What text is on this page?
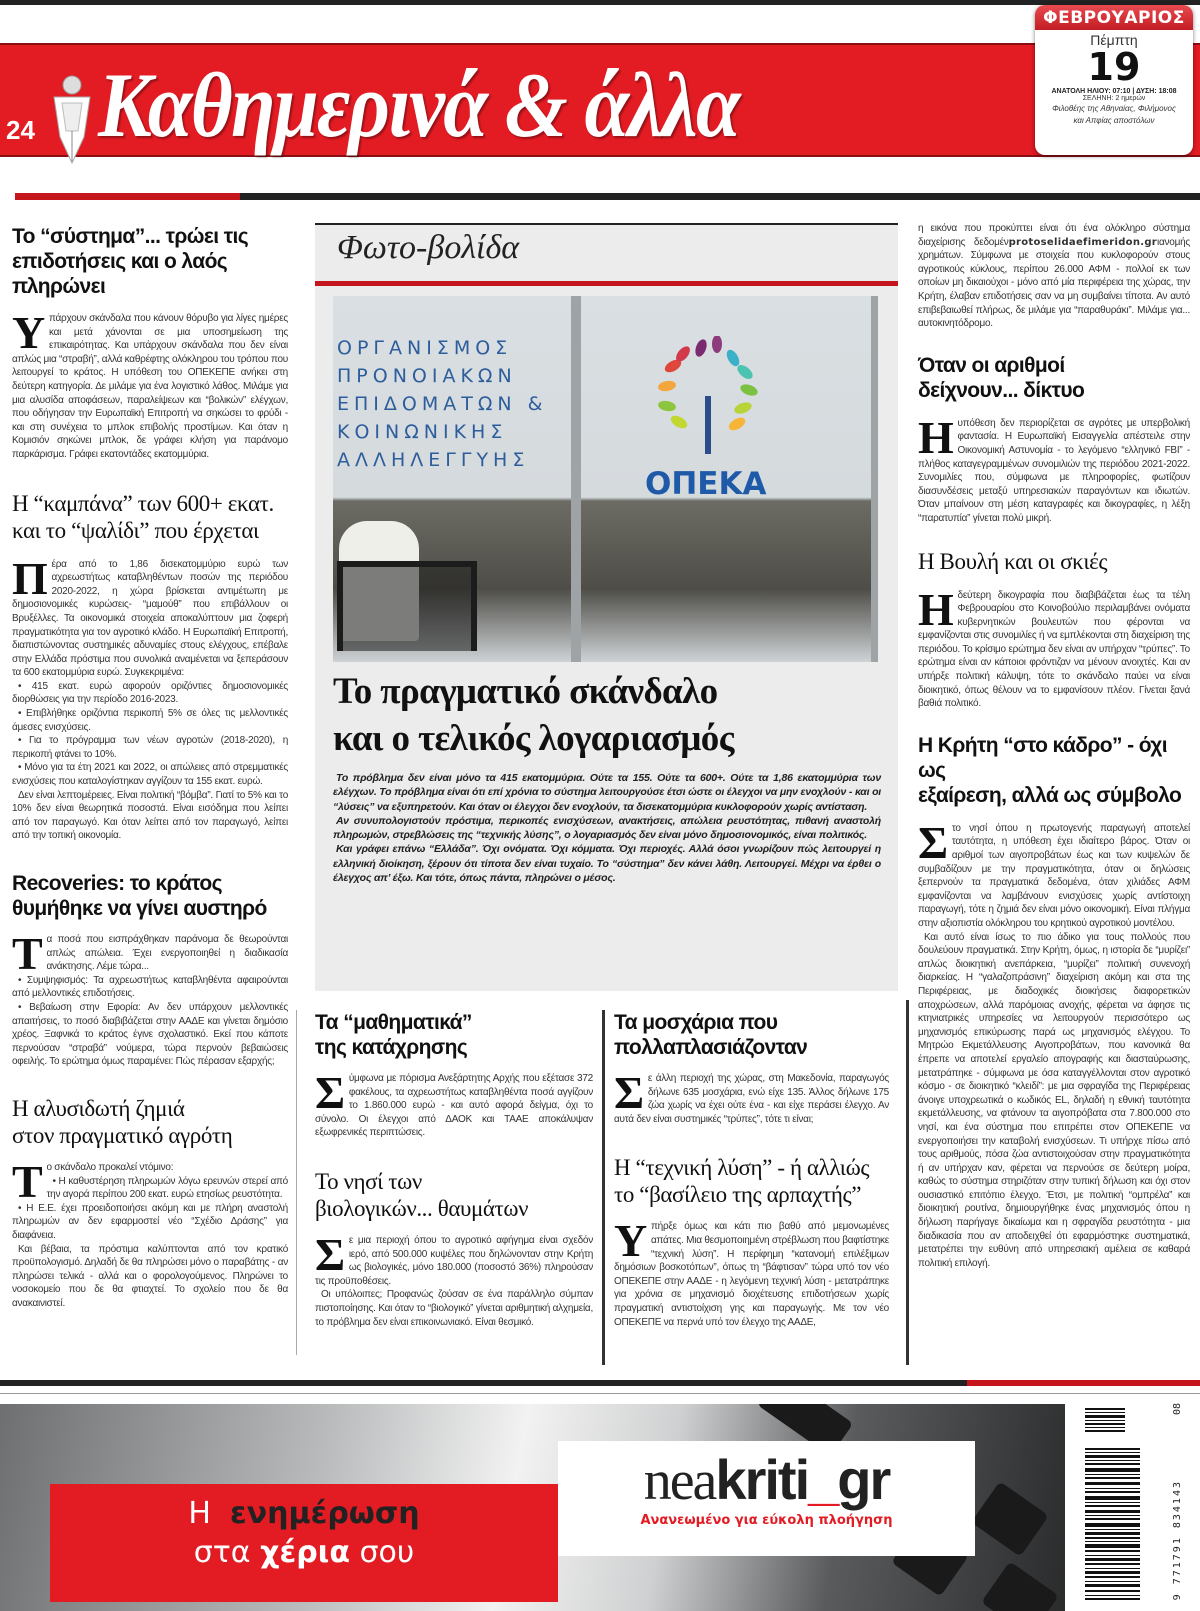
24 Καθημερινά & άλλα
ΦΕΒΡΟΥΑΡΙΟΣ
Πέμπτη
19
ΑΝΑΤΟΛΗ ΗΛΙΟΥ: 07:10 | ΔΥΣΗ: 18:08
ΣΕΛΗΝΗ: 2 ημερών
Φιλοθέης της Αθηναίας, Φιλήμονος
και Απφίας αποστόλων
Το “σύστημα”... τρώει τις
επιδοτήσεις και ο λαός πληρώνει
Υ πάρχουν σκάνδαλα που κάνουν θόρυβο για λίγες ημέρες και μετά χάνονται σε μια υποσημείωση της επικαιρότητας. Και υπάρχουν σκάνδαλα που δεν είναι απλώς μια “στραβή”, αλλά καθρέφτης ολόκληρου του τρόπου που λειτουργεί το κράτος. Η υπόθεση του ΟΠΕΚΕΠΕ ανήκει στη δεύτερη κατηγορία. Δε μιλάμε για ένα λογιστικό λάθος. Μιλάμε για μια αλυσίδα αποφάσεων, παραλείψεων και “βολικών” ελέγχων, που οδήγησαν την Ευρωπαϊκή Επιτροπή να σηκώσει το φρύδι - και στη συνέχεια το μπλοκ επιβολής προστίμων. Και όταν η Κομισιόν σηκώνει μπλοκ, δε γράφει κλήση για παράνομο παρκάρισμα. Γράφει εκατοντάδες εκατομμύρια.

Η “καμπάνα” των 600+ εκατ.
και το “ψαλίδι” που έρχεται
Π έρα από το 1,86 δισεκατομμύριο ευρώ των αχρεωστήτως καταβληθέντων ποσών της περιόδου 2020-2022, η χώρα βρίσκεται αντιμέτωπη με δημοσιονομικές κυρώσεις- “μαμούθ” που επιβάλλουν οι Βρυξέλλες. Τα οικονομικά στοιχεία αποκαλύπτουν μια ζοφερή πραγματικότητα για τον αγροτικό κλάδο. Η Ευρωπαϊκή Επιτροπή, διαπιστώνοντας συστημικές αδυναμίες στους ελέγχους, επέβαλε στην Ελλάδα πρόστιμα που συνολικά αναμένεται να ξεπεράσουν τα 600 εκατομμύρια ευρώ. Συγκεκριμένα:

• 415 εκατ. ευρώ αφορούν οριζόντιες δημοσιονομικές διορθώσεις για την περίοδο 2016-2023.

• Επιβλήθηκε οριζόντια περικοπή 5% σε όλες τις μελλοντικές άμεσες ενισχύσεις.

• Για το πρόγραμμα των νέων αγροτών (2018-2020), η περικοπή φτάνει το 10%.

• Μόνο για τα έτη 2021 και 2022, οι απώλειες από στρεμματικές ενισχύσεις που καταλογίστηκαν αγγίζουν τα 155 εκατ. ευρώ.

Δεν είναι λεπτομέρειες. Είναι πολιτική “βόμβα”. Γιατί το 5% και το 10% δεν είναι θεωρητικά ποσοστά. Είναι εισόδημα που λείπει από τον παραγωγό. Και όταν λείπει από τον παραγωγό, λείπει από την τοπική οικονομία.

Recoveries: το κράτος
θυμήθηκε να γίνει αυστηρό
Τ α ποσά που εισπράχθηκαν παράνομα δε θεωρούνται απλώς απώλεια. Έχει ενεργοποιηθεί η διαδικασία ανάκτησης. Λέμε τώρα...

• Συμψηφισμός: Τα αχρεωστήτως καταβληθέντα αφαιρούνται από μελλοντικές επιδοτήσεις.

• Βεβαίωση στην Εφορία: Αν δεν υπάρχουν μελλοντικές απαιτήσεις, το ποσό διαβιβάζεται στην ΑΑΔΕ και γίνεται δημόσιο χρέος. Ξαφνικά το κράτος έγινε σχολαστικό. Εκεί που κάποτε περνούσαν “στραβά” νούμερα, τώρα περνούν βεβαιώσεις οφειλής. Το ερώτημα όμως παραμένει: Πώς πέρασαν εξαρχής;

Η αλυσιδωτή ζημιά
στον πραγματικό αγρότη
Τ ο σκάνδαλο προκαλεί ντόμινο:

• Η καθυστέρηση πληρωμών λόγω ερευνών στερεί από την αγορά περίπου 200 εκατ. ευρώ ετησίως ρευστότητα.

• Η Ε.Ε. έχει προειδοποιήσει ακόμη και με πλήρη αναστολή πληρωμών αν δεν εφαρμοστεί νέο “Σχέδιο Δράσης” για διαφάνεια.

Και βέβαια, τα πρόστιμα καλύπτονται από τον κρατικό προϋπολογισμό. Δηλαδή δε θα πληρώσει μόνο ο παραβάτης - αν πληρώσει τελικά - αλλά και ο φορολογούμενος. Πληρώνει το νοσοκομείο που δε θα φτιαχτεί. Το σχολείο που δε θα ανακαινιστεί.

Φωτο-βολίδα
ΟΡΓΑΝΙΣΜΟΣ
ΠΡΟΝΟΙΑΚΩΝ
ΕΠΙΔΟΜΑΤΩΝ &
ΚΟΙΝΩΝΙΚΗΣ
ΑΛΛΗΛΕΓΓΥΗΣ
ΟΠΕΚΑ
Το πραγματικό σκάνδαλο
και ο τελικός λογαριασμός

Το πρόβλημα δεν είναι μόνο τα 415 εκατομμύρια. Ούτε τα 155. Ούτε τα 600+. Ούτε τα 1,86 εκατομμύρια των ελέγχων. Το πρόβλημα είναι ότι επί χρόνια το σύστημα λειτουργούσε έτσι ώστε οι έλεγχοι να μην ενοχλούν - και οι “λύσεις” να εξυπηρετούν. Και όταν οι έλεγχοι δεν ενοχλούν, τα δισεκατομμύρια κυκλοφορούν χωρίς αντίσταση.

Αν συνυπολογιστούν πρόστιμα, περικοπές ενισχύσεων, ανακτήσεις, απώλεια ρευστότητας, πιθανή αναστολή πληρωμών, στρεβλώσεις της “τεχνικής λύσης”, ο λογαριασμός δεν είναι μόνο δημοσιονομικός, είναι πολιτικός.

Και γράφει επάνω “Ελλάδα”. Όχι ονόματα. Όχι κόμματα. Όχι περιοχές. Αλλά όσοι γνωρίζουν πώς λειτουργεί η ελληνική διοίκηση, ξέρουν ότι τίποτα δεν είναι τυχαίο. Το “σύστημα” δεν κάνει λάθη. Λειτουργεί. Μέχρι να έρθει ο έλεγχος απ’ έξω. Και τότε, όπως πάντα, πληρώνει ο μέσος.

Τα “μαθηματικά”
της κατάχρησης
Σ ύμφωνα με πόρισμα Ανεξάρτητης Αρχής που εξέτασε 372 φακέλους, τα αχρεωστήτως καταβληθέντα ποσά αγγίζουν το 1.860.000 ευρώ - και αυτό αφορά δείγμα, όχι το σύνολο. Οι έλεγχοι από ΔΑΟΚ και ΤΑΑΕ αποκάλυψαν εξωφρενικές περιπτώσεις.

Το νησί των
βιολογικών... θαυμάτων
Σ ε μια περιοχή όπου το αγροτικό αφήγημα είναι σχεδόν ιερό, από 500.000 κυψέλες που δηλώνονταν στην Κρήτη ως βιολογικές, μόνο 180.000 (ποσοστό 36%) πληρούσαν τις προϋποθέσεις.

Οι υπόλοιπες; Προφανώς ζούσαν σε ένα παράλληλο σύμπαν πιστοποίησης. Και όταν το “βιολογικό” γίνεται αριθμητική αλχημεία, το πρόβλημα δεν είναι επικοινωνιακό. Είναι θεσμικό.

Τα μοσχάρια που
πολλαπλασιάζονταν
Σ ε άλλη περιοχή της χώρας, στη Μακεδονία, παραγωγός δήλωνε 635 μοσχάρια, ενώ είχε 135. Άλλος δήλωνε 175 ζώα χωρίς να έχει ούτε ένα - και είχε περάσει έλεγχο. Αν αυτά δεν είναι συστημικές “τρύπες”, τότε τι είναι;

Η “τεχνική λύση” - ή αλλιώς
το “βασίλειο της αρπαχτής”
Υ πήρξε όμως και κάτι πιο βαθύ από μεμονωμένες απάτες. Μια θεσμοποιημένη στρέβλωση που βαφτίστηκε “τεχνική λύση”. Η περίφημη “κατανομή επιλέξιμων δημόσιων βοσκοτόπων”, όπως τη “βάφτισαν” τώρα υπό τον νέο ΟΠΕΚΕΠΕ στην ΑΑΔΕ - η λεγόμενη τεχνική λύση - μετατράπηκε για χρόνια σε μηχανισμό διοχέτευσης επιδοτήσεων χωρίς πραγματική αντιστοίχιση γης και παραγωγής. Με τον νέο ΟΠΕΚΕΠΕ να περνά υπό τον έλεγχο της ΑΑΔΕ,

η εικόνα που προκύπτει είναι ότι ένα ολόκληρο σύστημα διαχείρισης δεδομένprotoselidaefimeridon.grιανομής χρημάτων. Σύμφωνα με στοιχεία που κυκλοφορούν στους αγροτικούς κύκλους, περίπου 26.000 ΑΦΜ - πολλοί εκ των οποίων μη δικαιούχοι - μόνο από μία περιφέρεια της χώρας, την Κρήτη, έλαβαν επιδοτήσεις σαν να μη συμβαίνει τίποτα. Αν αυτό επιβεβαιωθεί πλήρως, δε μιλάμε για “παραθυράκι”. Μιλάμε για... αυτοκινητόδρομο.
Όταν οι αριθμοί
δείχνουν... δίκτυο
Η υπόθεση δεν περιορίζεται σε αγρότες με υπερβολική φαντασία. Η Ευρωπαϊκή Εισαγγελία απέστειλε στην Οικονομική Αστυνομία - το λεγόμενο “ελληνικό FBI” - πλήθος καταγεγραμμένων συνομιλιών της περιόδου 2021-2022. Συνομιλίες που, σύμφωνα με πληροφορίες, φωτίζουν διασυνδέσεις μεταξύ υπηρεσιακών παραγόντων και ιδιωτών. Όταν μπαίνουν στη μέση καταγραφές και δικογραφίες, η λέξη “παρατυπία” γίνεται πολύ μικρή.

Η Βουλή και οι σκιές
Η δεύτερη δικογραφία που διαβιβάζεται έως τα τέλη Φεβρουαρίου στο Κοινοβούλιο περιλαμβάνει ονόματα κυβερνητικών βουλευτών που φέρονται να εμφανίζονται στις συνομιλίες ή να εμπλέκονται στη διαχείριση της περιόδου. Το κρίσιμο ερώτημα δεν είναι αν υπήρχαν “τρύπες”. Το ερώτημα είναι αν κάποιοι φρόντιζαν να μένουν ανοιχτές. Και αν υπήρξε πολιτική κάλυψη, τότε το σκάνδαλο παύει να είναι διοικητικό, όπως θέλουν να το εμφανίσουν πλέον. Γίνεται ξανά βαθιά πολιτικό.

Η Κρήτη “στο κάδρο” - όχι ως
εξαίρεση, αλλά ως σύμβολο
Σ το νησί όπου η πρωτογενής παραγωγή αποτελεί ταυτότητα, η υπόθεση έχει ιδιαίτερο βάρος. Όταν οι αριθμοί των αιγοπροβάτων έως και των κυψελών δε συμβαδίζουν με την πραγματικότητα, όταν οι δηλώσεις ξεπερνούν τα πραγματικά δεδομένα, όταν χιλιάδες ΑΦΜ εμφανίζονται να λαμβάνουν ενισχύσεις χωρίς αντίστοιχη παραγωγή, τότε η ζημιά δεν είναι μόνο οικονομική. Είναι πλήγμα στην αξιοπιστία ολόκληρου του κρητικού αγροτικού μοντέλου.

Και αυτό είναι ίσως το πιο άδικο για τους πολλούς που δουλεύουν πραγματικά. Στην Κρήτη, όμως, η ιστορία δε “μυρίζει” απλώς διοικητική ανεπάρκεια, “μυρίζει” πολιτική συνενοχή διαρκείας. Η “γαλαζοπράσινη” διαχείριση ακόμη και στα της Περιφέρειας, με διαδοχικές διοικήσεις διαφορετικών αποχρώσεων, αλλά παρόμοιας ανοχής, φέρεται να άφησε τις κτηνιατρικές υπηρεσίες να λειτουργούν περισσότερο ως μηχανισμός επικύρωσης παρά ως μηχανισμός ελέγχου. Το Μητρώο Εκμετάλλευσης Αιγοπροβάτων, που κανονικά θα έπρεπε να αποτελεί εργαλείο απογραφής και διασταύρωσης, μετατράπηκε - σύμφωνα με όσα καταγγέλλονται στον αγροτικό κόσμο - σε διοικητικό “κλειδί”: με μια σφραγίδα της Περιφέρειας άνοιγε υποχρεωτικά ο κωδικός EL, δηλαδή η εθνική ταυτότητα εκμετάλλευσης, να φτάνουν τα αιγοπρόβατα στα 7.800.000 στο νησί, και ένα σύστημα που επιτρέπει στον ΟΠΕΚΕΠΕ να ενεργοποιήσει την καταβολή ενισχύσεων. Τι υπήρχε πίσω από τους αριθμούς, πόσα ζώα αντιστοιχούσαν στην πραγματικότητα ή αν υπήρχαν καν, φέρεται να περνούσε σε δεύτερη μοίρα, καθώς το σύστημα στηριζόταν στην τυπική δήλωση και όχι στον ουσιαστικό επιτόπιο έλεγχο. Έτσι, με πολιτική “ομπρέλα” και διοικητική ρουτίνα, δημιουργήθηκε ένας μηχανισμός όπου η δήλωση παρήγαγε δικαίωμα και η σφραγίδα ρευστότητα - μια διαδικασία που αν αποδειχθεί ότι εφαρμόστηκε συστηματικά, μετατρέπει την ευθύνη από υπηρεσιακή αμέλεια σε καθαρά πολιτική επιλογή.

Η ενημέρωση
στα χέρια σου
neakriti_gr
Ανανεωμένο για εύκολη πλοήγηση
08
9 771791 834143
